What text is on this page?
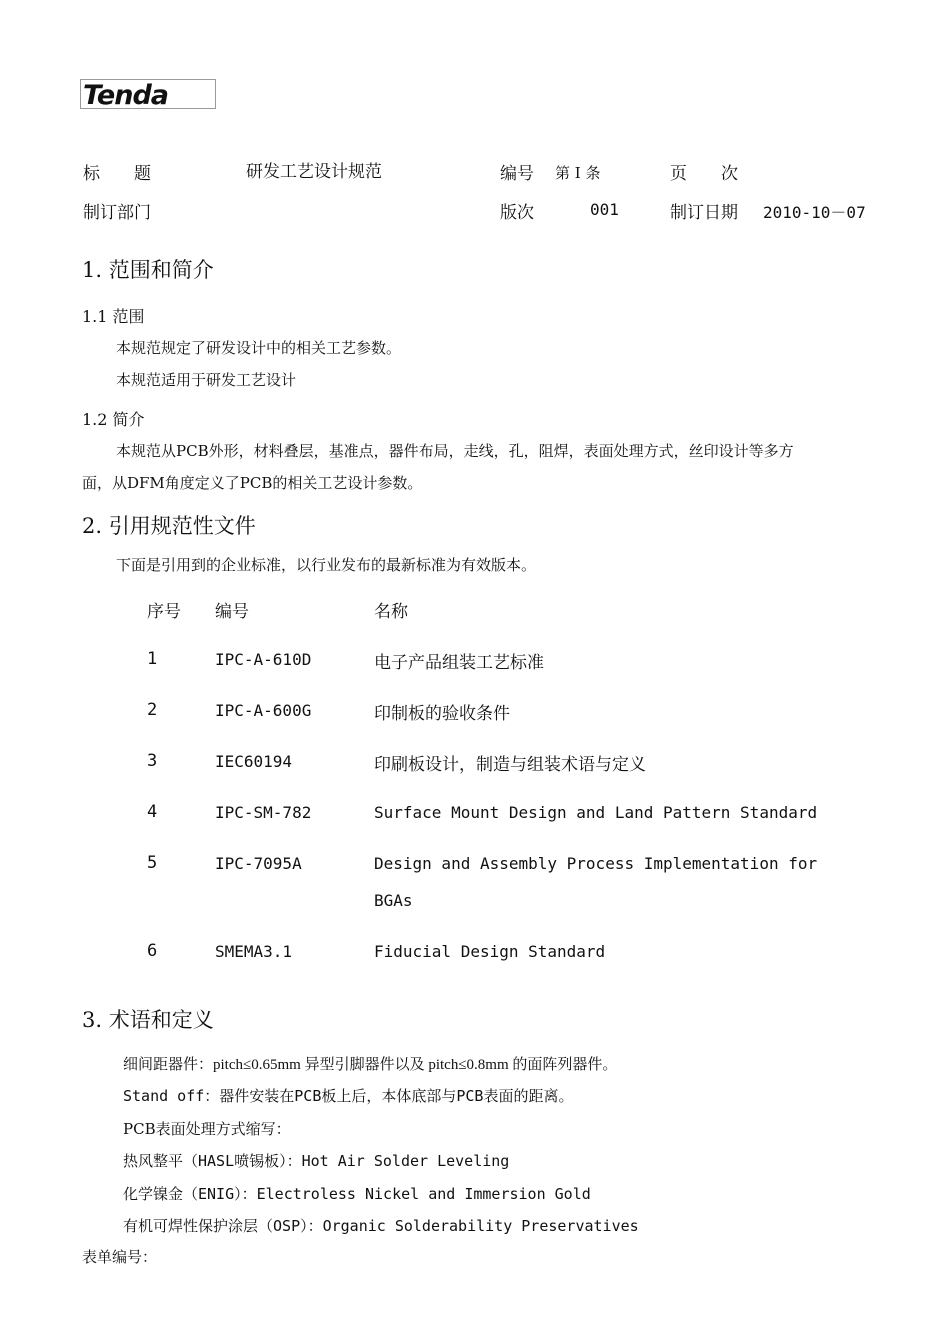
Tenda
标　　题	研发工艺设计规范	编号 第 I 条	页　　次
制订部门	版次	001	制订日期 2010-10－07
1. 范围和简介
1.1 范围
本规范规定了研发设计中的相关工艺参数。
本规范适用于研发工艺设计
1.2 简介
本规范从PCB外形，材料叠层，基准点，器件布局，走线，孔，阻焊，表面处理方式，丝印设计等多方
面，从DFM角度定义了PCB的相关工艺设计参数。
2. 引用规范性文件
下面是引用到的企业标准，以行业发布的最新标准为有效版本。
序号 编号	名称
1	IPC-A-610D	电子产品组装工艺标准
2	IPC-A-600G	印制板的验收条件
3	IEC60194	印刷板设计，制造与组装术语与定义
4	IPC-SM-782	Surface Mount Design and Land Pattern Standard
5	IPC-7095A	Design and Assembly Process Implementation for
BGAs
6	SMEMA3.1	Fiducial Design Standard
3. 术语和定义
细间距器件：pitch≤0.65mm 异型引脚器件以及 pitch≤0.8mm 的面阵列器件。
Stand off：器件安装在PCB板上后，本体底部与PCB表面的距离。
PCB表面处理方式缩写：
热风整平（HASL喷锡板）：Hot Air Solder Leveling
化学镍金（ENIG）：Electroless Nickel and Immersion Gold
有机可焊性保护涂层（OSP）：Organic Solderability Preservatives
表单编号：
